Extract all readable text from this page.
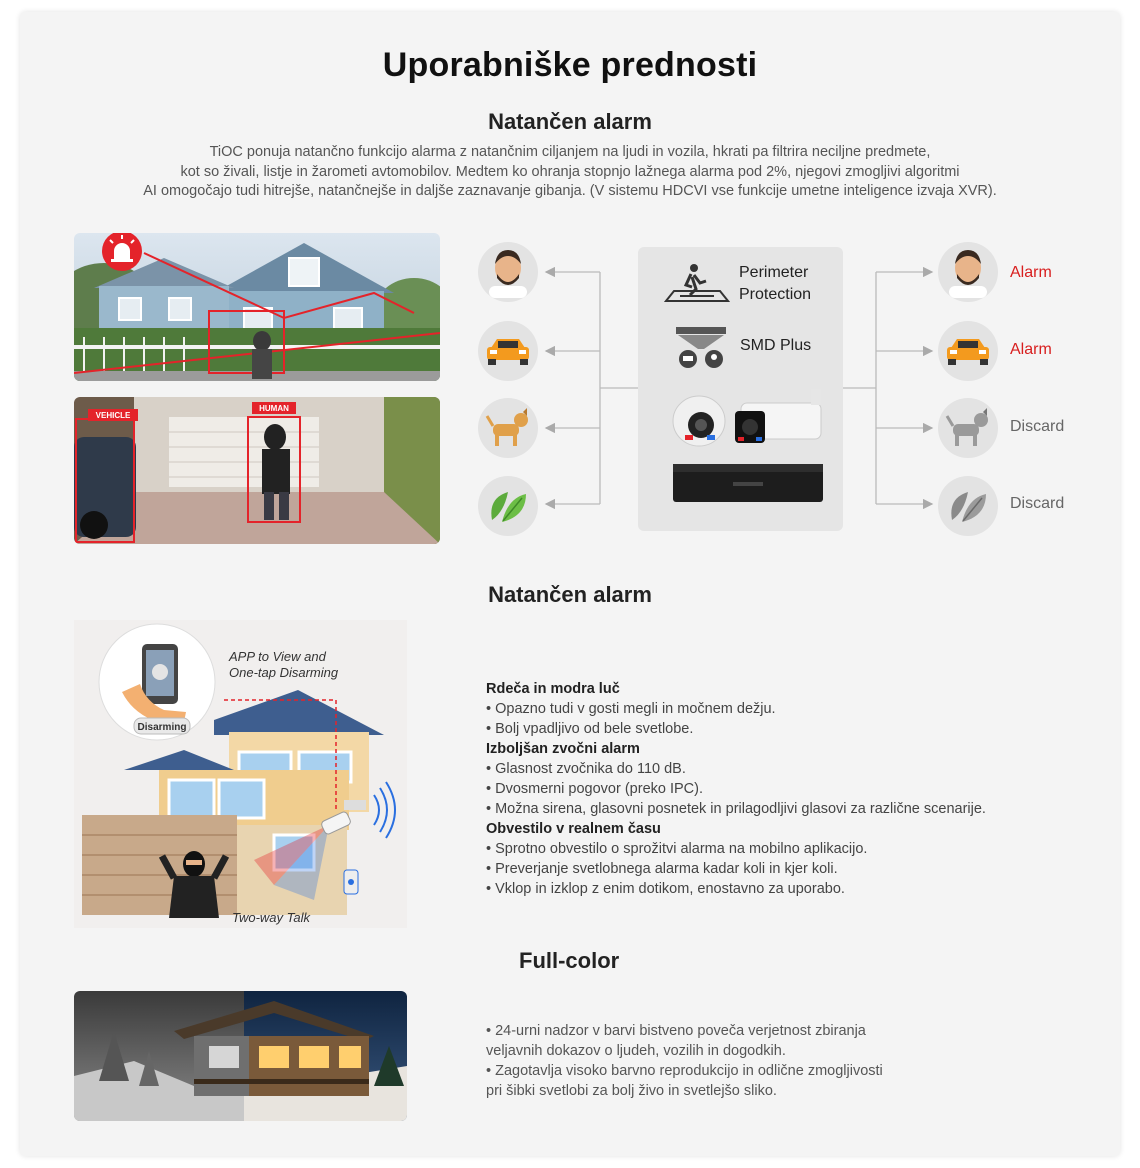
Uporabniške prednosti
Natančen alarm
TiOC ponuja natančno funkcijo alarma z natančnim ciljanjem na ljudi in vozila, hkrati pa filtrira neciljne predmete,
kot so živali, listje in žarometi avtomobilov. Medtem ko ohranja stopnjo lažnega alarma pod 2%, njegovi zmogljivi algoritmi
AI omogočajo tudi hitrejše, natančnejše in daljše zaznavanje gibanja. (V sistemu HDCVI vse funkcije umetne inteligence izvaja XVR).
VEHICLE
HUMAN
Perimeter
Protection
SMD Plus
Alarm
Alarm
Discard
Discard
Natančen alarm
Disarming
APP to View and
One-tap Disarming
Two-way Talk
Rdeča in modra luč
• Opazno tudi v gosti megli in močnem dežju.
• Bolj vpadljivo od bele svetlobe.
Izboljšan zvočni alarm
• Glasnost zvočnika do 110 dB.
• Dvosmerni pogovor (preko IPC).
• Možna sirena, glasovni posnetek in prilagodljivi glasovi za različne scenarije.
Obvestilo v realnem času
• Sprotno obvestilo o sprožitvi alarma na mobilno aplikacijo.
• Preverjanje svetlobnega alarma kadar koli in kjer koli.
• Vklop in izklop z enim dotikom, enostavno za uporabo.
Full-color
• 24-urni nadzor v barvi bistveno poveča verjetnost zbiranja
veljavnih dokazov o ljudeh, vozilih in dogodkih.
• Zagotavlja visoko barvno reprodukcijo in odlične zmogljivosti
pri šibki svetlobi za bolj živo in svetlejšo sliko.
